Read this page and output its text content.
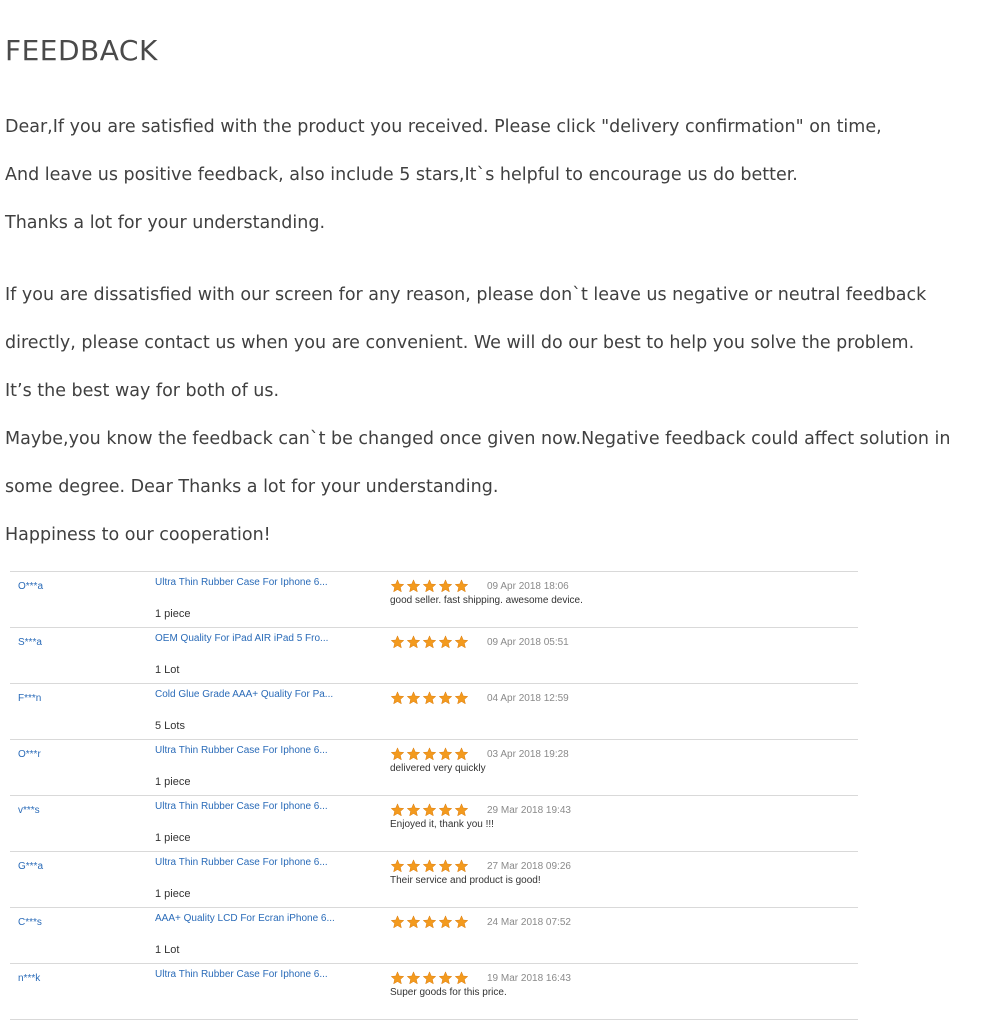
FEEDBACK

Dear,If you are satisfied with the product you received. Please click "delivery confirmation" on time,

And leave us positive feedback, also include 5 stars,It`s helpful to encourage us do better.

Thanks a lot for your understanding.

If you are dissatisfied with our screen for any reason, please don`t leave us negative or neutral feedback

directly, please contact us when you are convenient. We will do our best to help you solve the problem.

It’s the best way for both of us.

Maybe,you know the feedback can`t be changed once given now.Negative feedback could affect solution in

some degree. Dear Thanks a lot for your understanding.

Happiness to our cooperation!

O***a	Ultra Thin Rubber Case For Iphone 6...
1 piece
09 Apr 2018 18:06
good seller. fast shipping. awesome device.
S***a	OEM Quality For iPad AIR iPad 5 Fro...
1 Lot
09 Apr 2018 05:51
F***n	Cold Glue Grade AAA+ Quality For Pa...
5 Lots
04 Apr 2018 12:59
O***r	Ultra Thin Rubber Case For Iphone 6...
1 piece
03 Apr 2018 19:28
delivered very quickly
v***s	Ultra Thin Rubber Case For Iphone 6...
1 piece
29 Mar 2018 19:43
Enjoyed it, thank you !!!
G***a	Ultra Thin Rubber Case For Iphone 6...
1 piece
27 Mar 2018 09:26
Their service and product is good!
C***s	AAA+ Quality LCD For Ecran iPhone 6...
1 Lot
24 Mar 2018 07:52
n***k	Ultra Thin Rubber Case For Iphone 6...	19 Mar 2018 16:43
Super goods for this price.
